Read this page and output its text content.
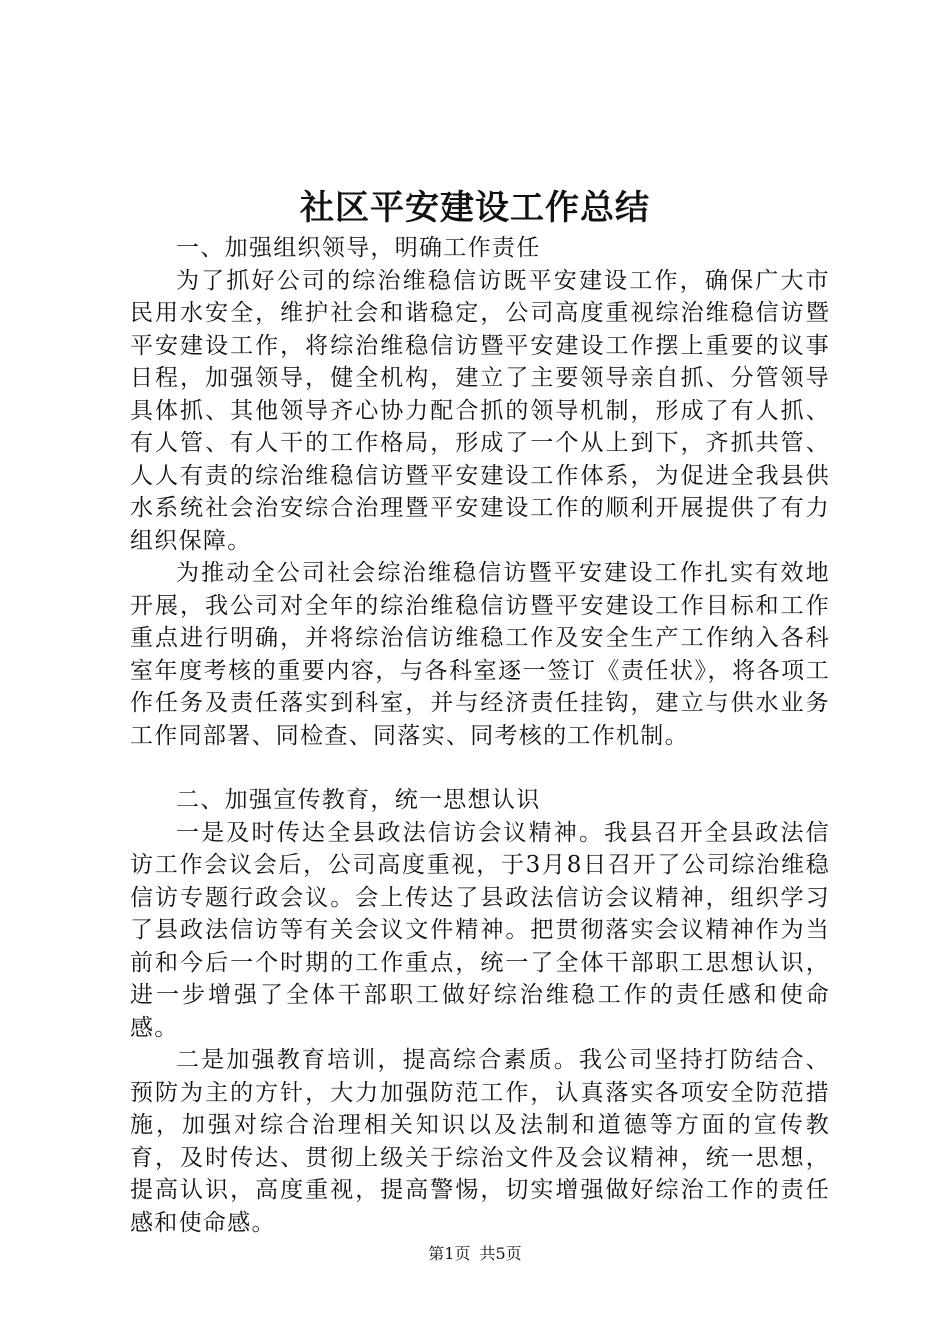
社区平安建设工作总结

一、加强组织领导，明确工作责任

为了抓好公司的综治维稳信访既平安建设工作，确保广大市民用水安全，维护社会和谐稳定，公司高度重视综治维稳信访暨平安建设工作，将综治维稳信访暨平安建设工作摆上重要的议事日程，加强领导，健全机构，建立了主要领导亲自抓、分管领导具体抓、其他领导齐心协力配合抓的领导机制，形成了有人抓、有人管、有人干的工作格局，形成了一个从上到下，齐抓共管、人人有责的综治维稳信访暨平安建设工作体系，为促进全我县供水系统社会治安综合治理暨平安建设工作的顺利开展提供了有力组织保障。

为推动全公司社会综治维稳信访暨平安建设工作扎实有效地开展，我公司对全年的综治维稳信访暨平安建设工作目标和工作重点进行明确，并将综治信访维稳工作及安全生产工作纳入各科室年度考核的重要内容，与各科室逐一签订《责任状》，将各项工作任务及责任落实到科室，并与经济责任挂钩，建立与供水业务工作同部署、同检查、同落实、同考核的工作机制。

二、加强宣传教育，统一思想认识

一是及时传达全县政法信访会议精神。我县召开全县政法信访工作会议会后，公司高度重视，于3月8日召开了公司综治维稳信访专题行政会议。会上传达了县政法信访会议精神，组织学习了县政法信访等有关会议文件精神。把贯彻落实会议精神作为当前和今后一个时期的工作重点，统一了全体干部职工思想认识，进一步增强了全体干部职工做好综治维稳工作的责任感和使命感。

二是加强教育培训，提高综合素质。我公司坚持打防结合、预防为主的方针，大力加强防范工作，认真落实各项安全防范措施，加强对综合治理相关知识以及法制和道德等方面的宣传教育，及时传达、贯彻上级关于综治文件及会议精神，统一思想，提高认识，高度重视，提高警惕，切实增强做好综治工作的责任感和使命感。

第1页 共5页
